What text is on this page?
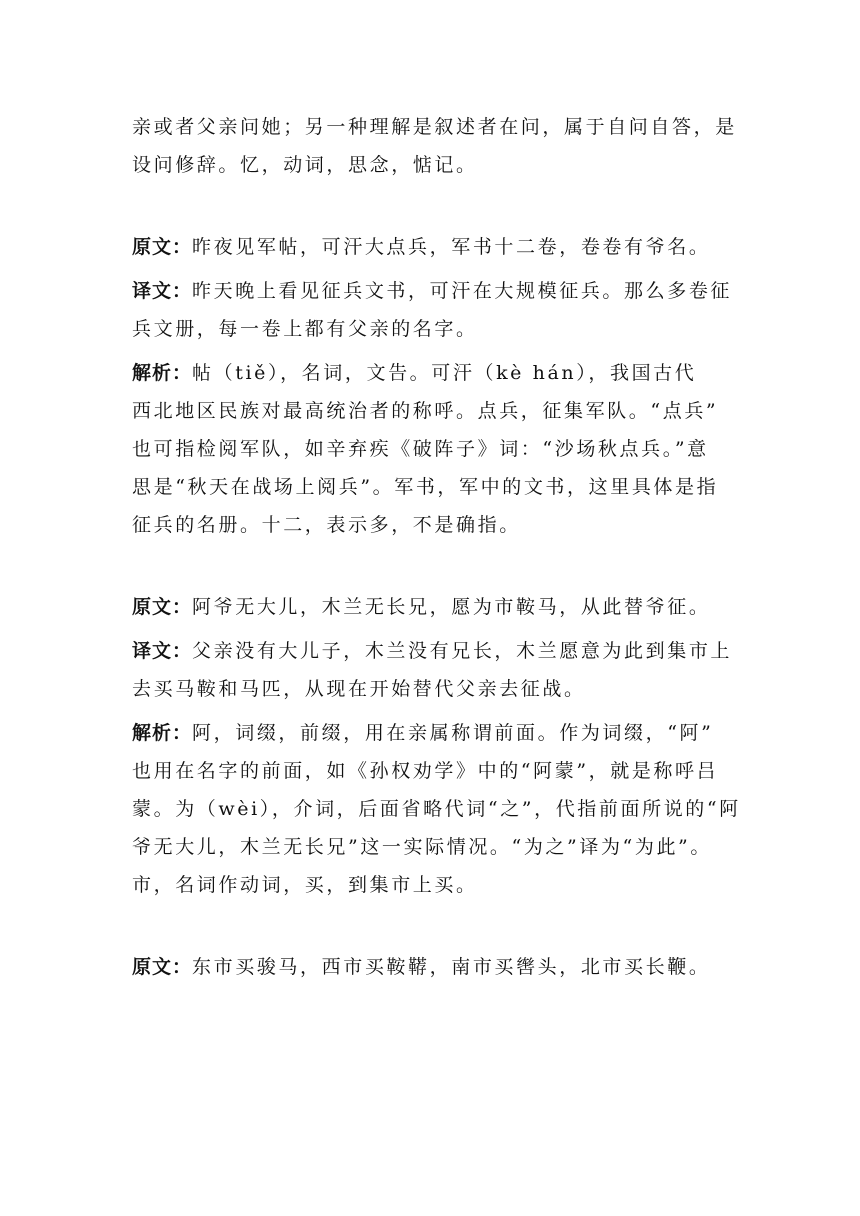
亲或者父亲问她；另一种理解是叙述者在问，属于自问自答，是
设问修辞。忆，动词，思念，惦记。

原文：昨夜见军帖，可汗大点兵，军书十二卷，卷卷有爷名。

译文：昨天晚上看见征兵文书，可汗在大规模征兵。那么多卷征
兵文册，每一卷上都有父亲的名字。

解析：帖（tiě），名词，文告。可汗（kè hán），我国古代
西北地区民族对最高统治者的称呼。点兵，征集军队。“点兵”
也可指检阅军队，如辛弃疾《破阵子》词：“沙场秋点兵。”意
思是“秋天在战场上阅兵”。军书，军中的文书，这里具体是指
征兵的名册。十二，表示多，不是确指。

原文：阿爷无大儿，木兰无长兄，愿为市鞍马，从此替爷征。

译文：父亲没有大儿子，木兰没有兄长，木兰愿意为此到集市上
去买马鞍和马匹，从现在开始替代父亲去征战。

解析：阿，词缀，前缀，用在亲属称谓前面。作为词缀，“阿”
也用在名字的前面，如《孙权劝学》中的“阿蒙”，就是称呼吕
蒙。为（wèi），介词，后面省略代词“之”，代指前面所说的“阿
爷无大儿，木兰无长兄”这一实际情况。“为之”译为“为此”。
市，名词作动词，买，到集市上买。

原文：东市买骏马，西市买鞍鞯，南市买辔头，北市买长鞭。
